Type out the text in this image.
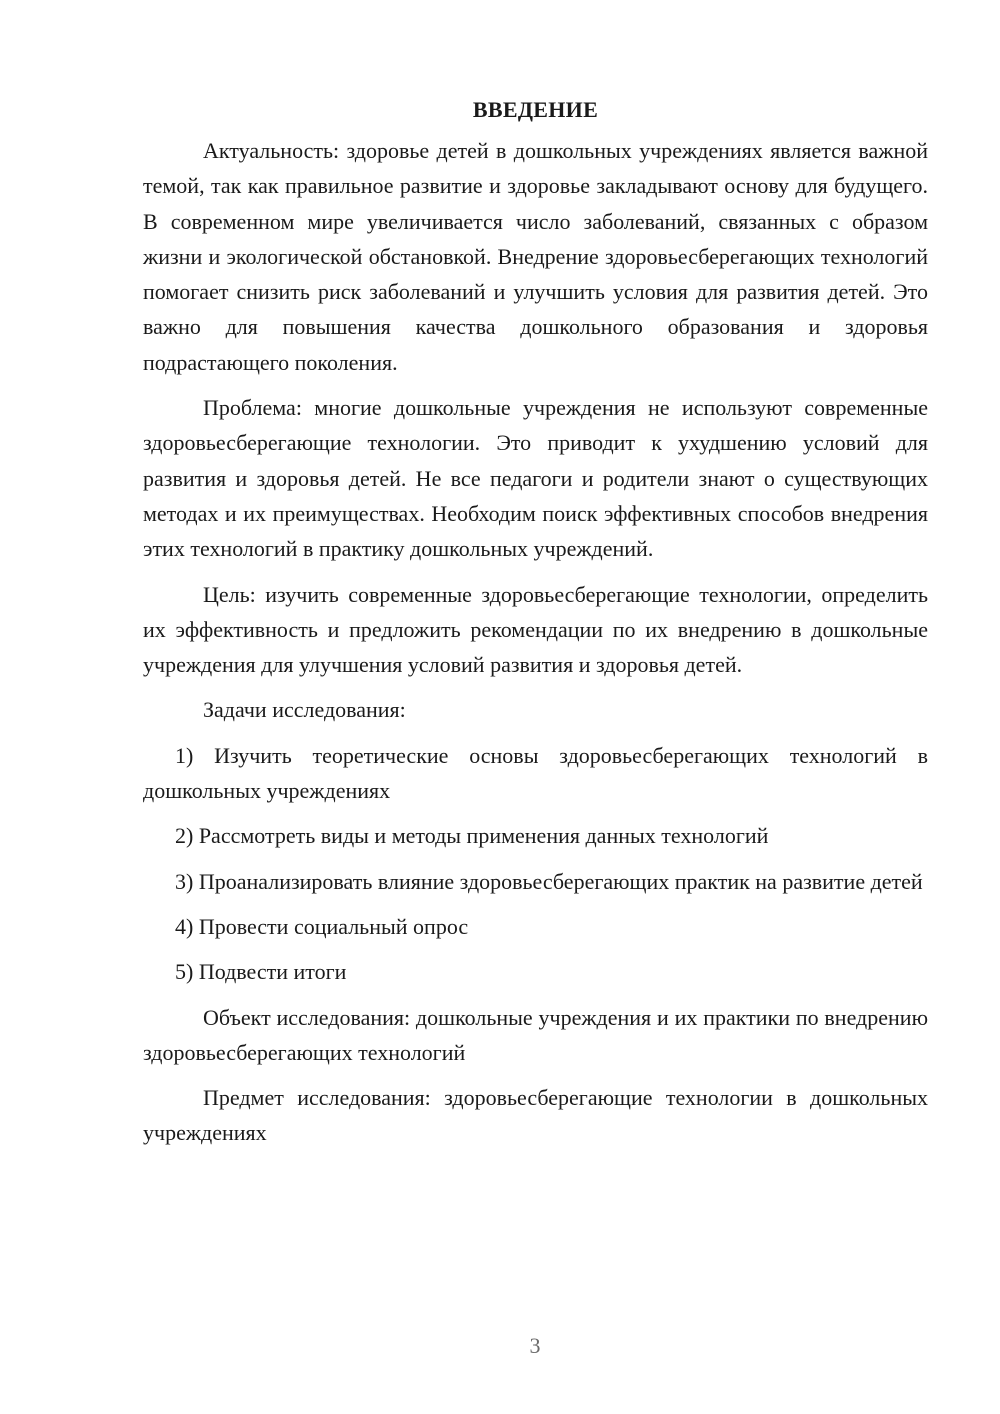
ВВЕДЕНИЕ

Актуальность: здоровье детей в дошкольных учреждениях является важной темой, так как правильное развитие и здоровье закладывают основу для будущего. В современном мире увеличивается число заболеваний, связанных с образом жизни и экологической обстановкой. Внедрение здоровьесберегающих технологий помогает снизить риск заболеваний и улучшить условия для развития детей. Это важно для повышения качества дошкольного образования и здоровья подрастающего поколения.

Проблема: многие дошкольные учреждения не используют современные здоровьесберегающие технологии. Это приводит к ухудшению условий для развития и здоровья детей. Не все педагоги и родители знают о существующих методах и их преимуществах. Необходим поиск эффективных способов внедрения этих технологий в практику дошкольных учреждений.

Цель: изучить современные здоровьесберегающие технологии, определить их эффективность и предложить рекомендации по их внедрению в дошкольные учреждения для улучшения условий развития и здоровья детей.

Задачи исследования:

1) Изучить теоретические основы здоровьесберегающих технологий в дошкольных учреждениях

2) Рассмотреть виды и методы применения данных технологий

3) Проанализировать влияние здоровьесберегающих практик на развитие детей

4) Провести социальный опрос

5) Подвести итоги

Объект исследования: дошкольные учреждения и их практики по внедрению здоровьесберегающих технологий

Предмет исследования: здоровьесберегающие технологии в дошкольных учреждениях

3
